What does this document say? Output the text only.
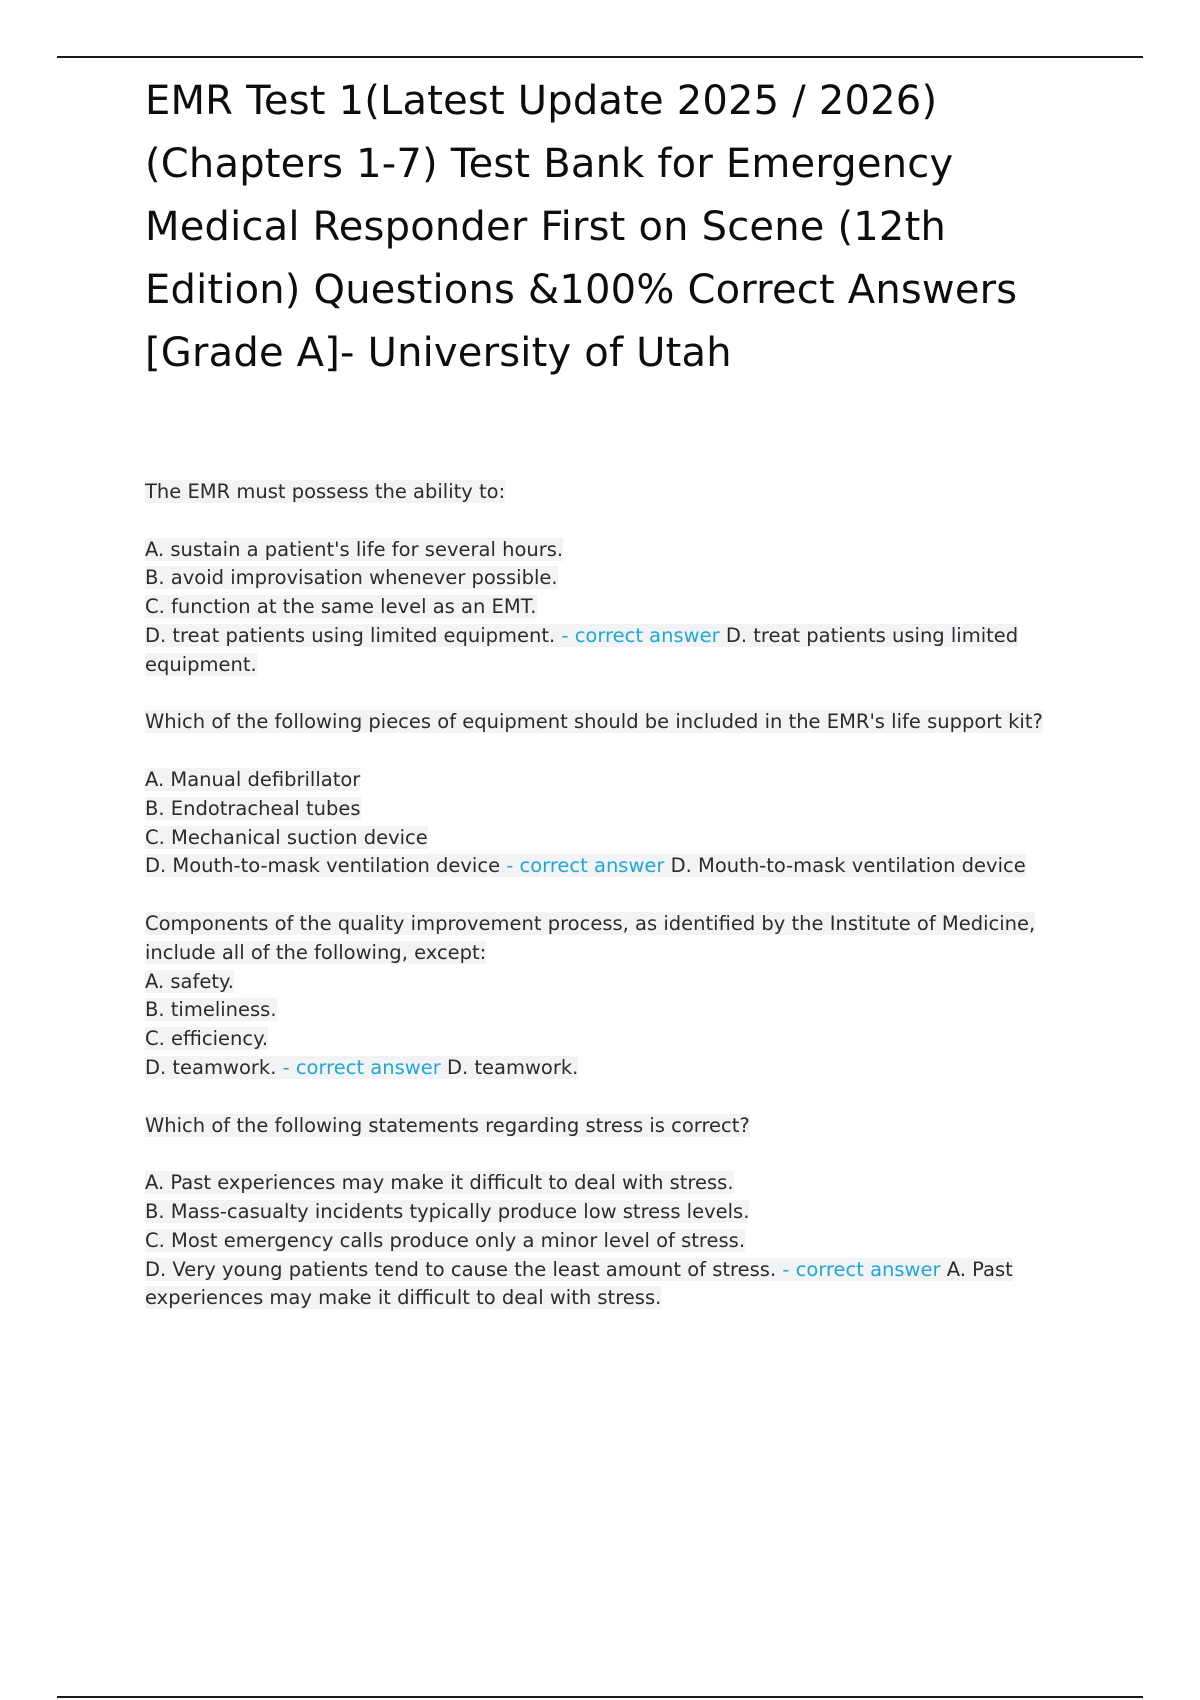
EMR Test 1(Latest Update 2025 / 2026) (Chapters 1-7) Test Bank for Emergency Medical Responder First on Scene (12th Edition) Questions &100% Correct Answers [Grade A]- University of Utah
The EMR must possess the ability to:
A. sustain a patient's life for several hours.
B. avoid improvisation whenever possible.
C. function at the same level as an EMT.
D. treat patients using limited equipment. - correct answer D. treat patients using limited equipment.
Which of the following pieces of equipment should be included in the EMR's life support kit?
A. Manual defibrillator
B. Endotracheal tubes
C. Mechanical suction device
D. Mouth-to-mask ventilation device - correct answer D. Mouth-to-mask ventilation device
Components of the quality improvement process, as identified by the Institute of Medicine, include all of the following, except:
A. safety.
B. timeliness.
C. efficiency.
D. teamwork. - correct answer D. teamwork.
Which of the following statements regarding stress is correct?
A. Past experiences may make it difficult to deal with stress.
B. Mass-casualty incidents typically produce low stress levels.
C. Most emergency calls produce only a minor level of stress.
D. Very young patients tend to cause the least amount of stress. - correct answer A. Past experiences may make it difficult to deal with stress.
